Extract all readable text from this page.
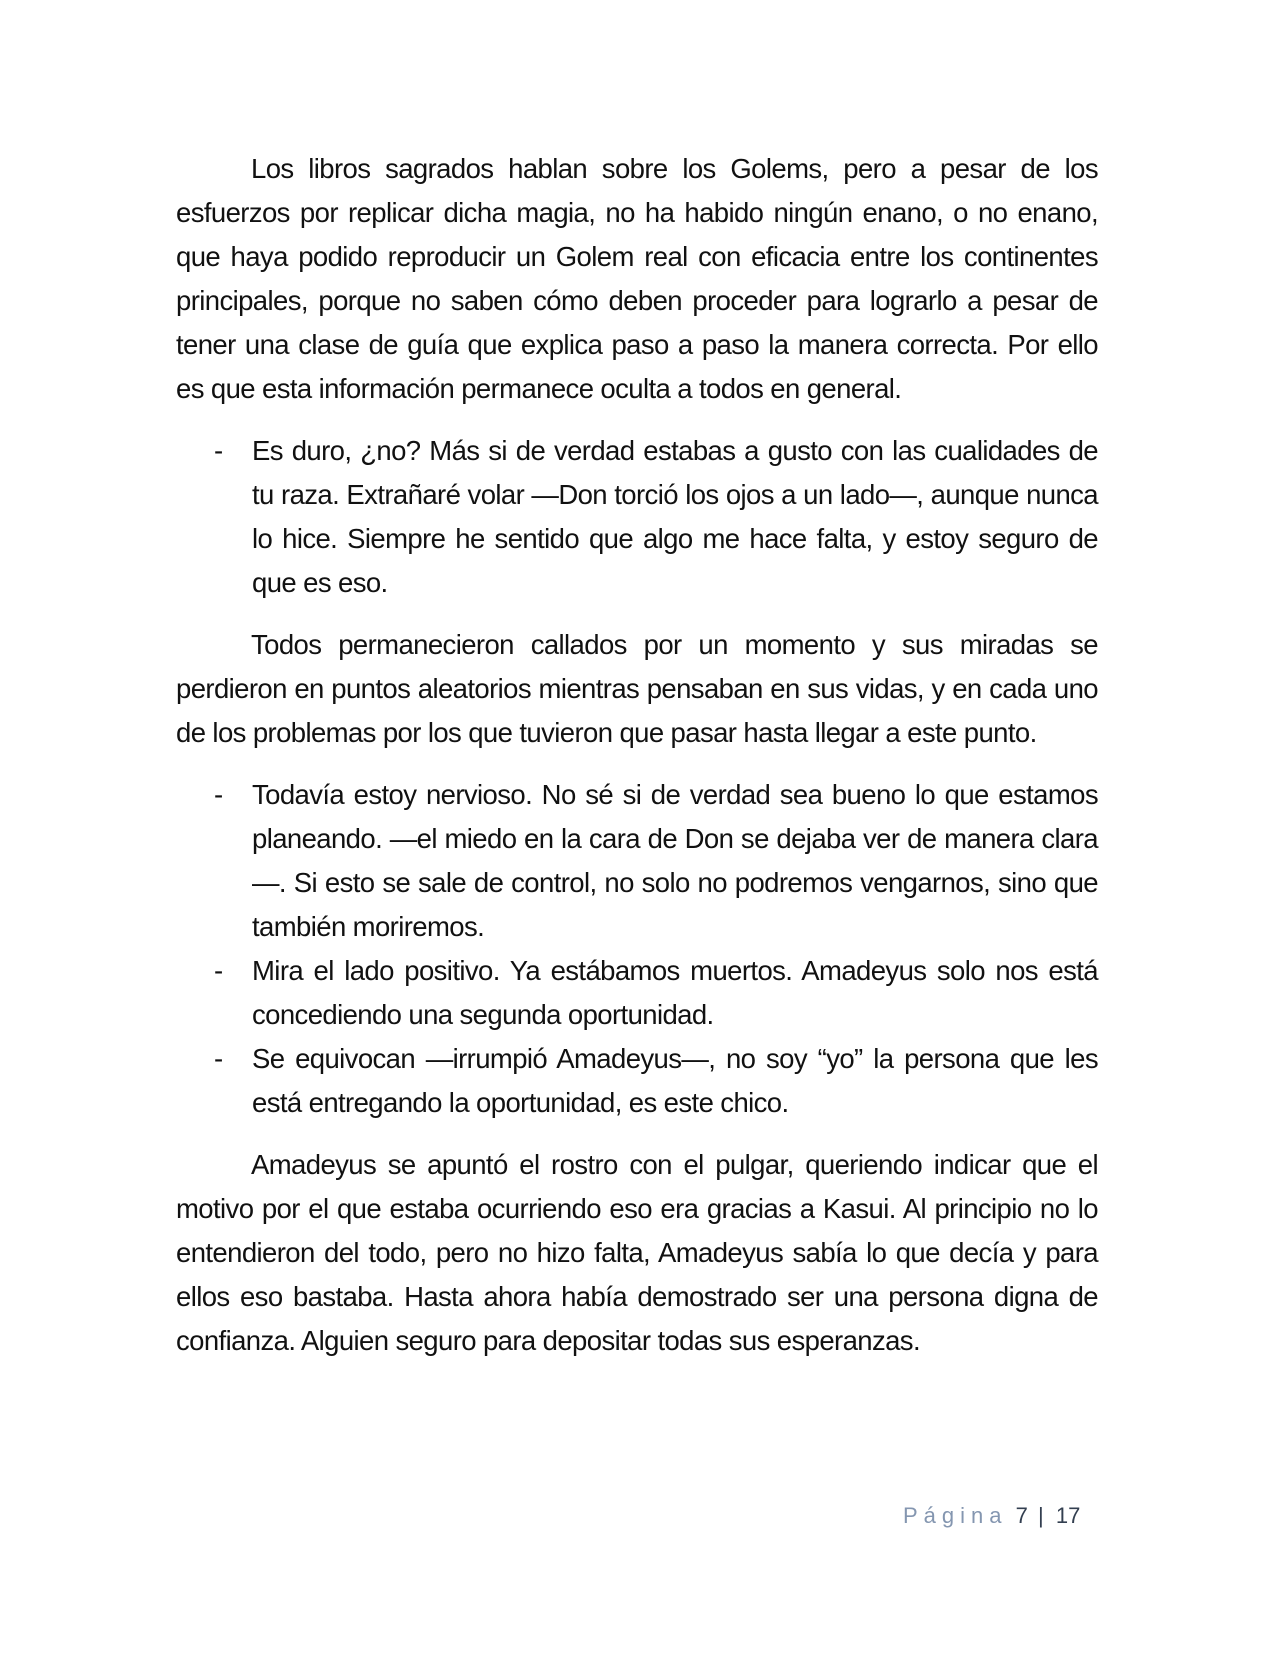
Los libros sagrados hablan sobre los Golems, pero a pesar de los esfuerzos por replicar dicha magia, no ha habido ningún enano, o no enano, que haya podido reproducir un Golem real con eficacia entre los continentes principales, porque no saben cómo deben proceder para lograrlo a pesar de tener una clase de guía que explica paso a paso la manera correcta. Por ello es que esta información permanece oculta a todos en general.

- Es duro, ¿no? Más si de verdad estabas a gusto con las cualidades de tu raza. Extrañaré volar —Don torció los ojos a un lado—, aunque nunca lo hice. Siempre he sentido que algo me hace falta, y estoy seguro de que es eso.

Todos permanecieron callados por un momento y sus miradas se perdieron en puntos aleatorios mientras pensaban en sus vidas, y en cada uno de los problemas por los que tuvieron que pasar hasta llegar a este punto.

- Todavía estoy nervioso. No sé si de verdad sea bueno lo que estamos planeando. —el miedo en la cara de Don se dejaba ver de manera clara—. Si esto se sale de control, no solo no podremos vengarnos, sino que también moriremos.
- Mira el lado positivo. Ya estábamos muertos. Amadeyus solo nos está concediendo una segunda oportunidad.
- Se equivocan —irrumpió Amadeyus—, no soy “yo” la persona que les está entregando la oportunidad, es este chico.

Amadeyus se apuntó el rostro con el pulgar, queriendo indicar que el motivo por el que estaba ocurriendo eso era gracias a Kasui. Al principio no lo entendieron del todo, pero no hizo falta, Amadeyus sabía lo que decía y para ellos eso bastaba. Hasta ahora había demostrado ser una persona digna de confianza. Alguien seguro para depositar todas sus esperanzas.

Página 7 | 17
